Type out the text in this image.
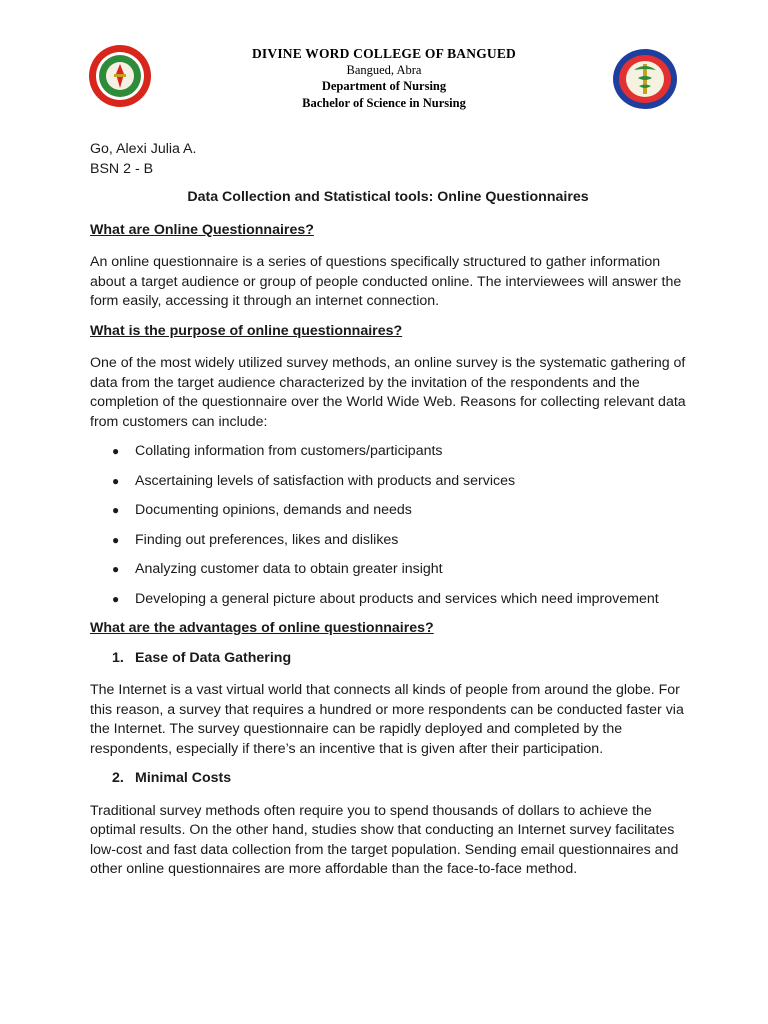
DIVINE WORD COLLEGE OF BANGUED
Bangued, Abra
Department of Nursing
Bachelor of Science in Nursing

Go, Alexi Julia A.

BSN 2 - B

Data Collection and Statistical tools: Online Questionnaires

What are Online Questionnaires?

An online questionnaire is a series of questions specifically structured to gather information about a target audience or group of people conducted online. The interviewees will answer the form easily, accessing it through an internet connection.

What is the purpose of online questionnaires?

One of the most widely utilized survey methods, an online survey is the systematic gathering of data from the target audience characterized by the invitation of the respondents and the completion of the questionnaire over the World Wide Web. Reasons for collecting relevant data from customers can include:

● Collating information from customers/participants
● Ascertaining levels of satisfaction with products and services
● Documenting opinions, demands and needs
● Finding out preferences, likes and dislikes
● Analyzing customer data to obtain greater insight
● Developing a general picture about products and services which need improvement
What are the advantages of online questionnaires?

1. Ease of Data Gathering

The Internet is a vast virtual world that connects all kinds of people from around the globe. For this reason, a survey that requires a hundred or more respondents can be conducted faster via the Internet. The survey questionnaire can be rapidly deployed and completed by the respondents, especially if there’s an incentive that is given after their participation.

2. Minimal Costs

Traditional survey methods often require you to spend thousands of dollars to achieve the optimal results. On the other hand, studies show that conducting an Internet survey facilitates low-cost and fast data collection from the target population. Sending email questionnaires and other online questionnaires are more affordable than the face-to-face method.
